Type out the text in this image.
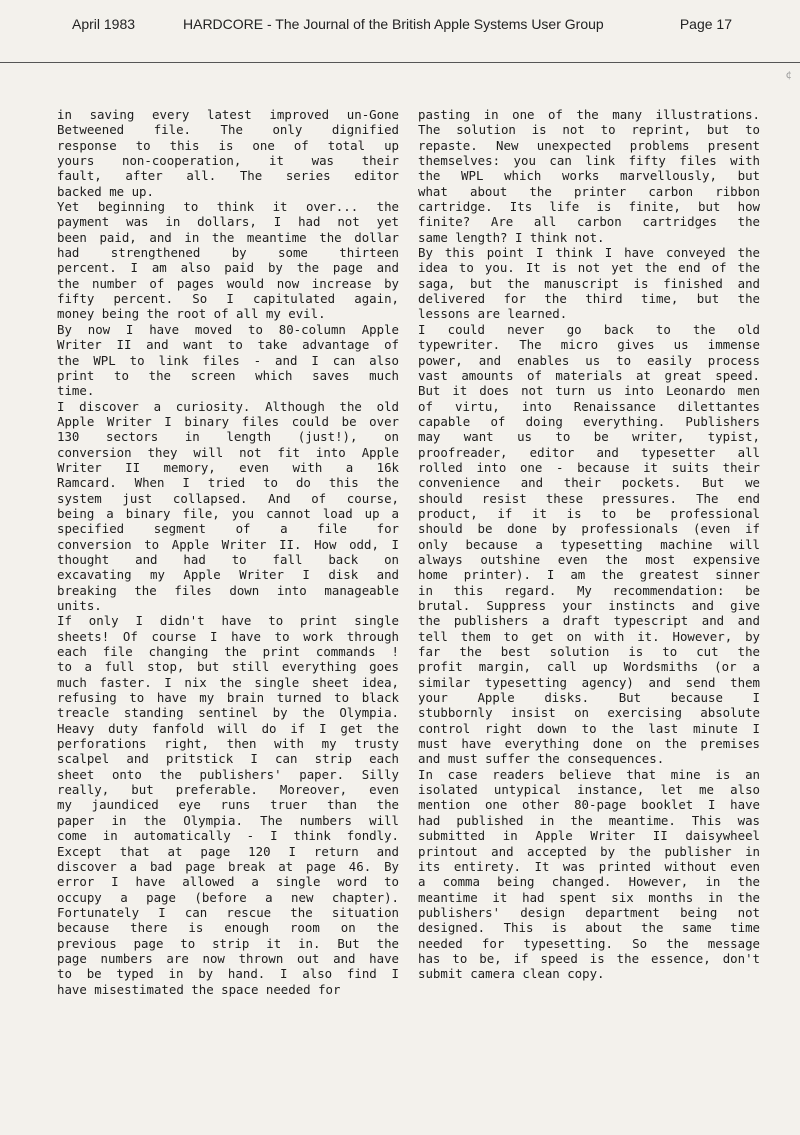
April 1983	HARDCORE - The Journal of the British Apple Systems User Group	Page 17
¢
in saving every latest improved un-Gone
Betweened file. The only dignified
response to this is one of total up
yours non-cooperation, it was their
fault, after all. The series editor
backed me up.
Yet beginning to think it over... the
payment was in dollars, I had not yet
been paid, and in the meantime the dollar
had strengthened by some thirteen
percent. I am also paid by the page and
the number of pages would now increase by
fifty percent. So I capitulated again,
money being the root of all my evil.
By now I have moved to 80-column Apple
Writer II and want to take advantage of
the WPL to link files - and I can also
print to the screen which saves much
time.
I discover a curiosity. Although the old
Apple Writer I binary files could be over
130 sectors in length (just!), on
conversion they will not fit into Apple
Writer II memory, even with a 16k
Ramcard. When I tried to do this the
system just collapsed. And of course,
being a binary file, you cannot load up a
specified segment of a file for
conversion to Apple Writer II. How odd, I
thought and had to fall back on
excavating my Apple Writer I disk and
breaking the files down into manageable
units.
If only I didn't have to print single
sheets! Of course I have to work through
each file changing the print commands !
to a full stop, but still everything goes
much faster. I nix the single sheet idea,
refusing to have my brain turned to black
treacle standing sentinel by the Olympia.
Heavy duty fanfold will do if I get the
perforations right, then with my trusty
scalpel and pritstick I can strip each
sheet onto the publishers' paper. Silly
really, but preferable. Moreover, even
my jaundiced eye runs truer than the
paper in the Olympia. The numbers will
come in automatically - I think fondly.
Except that at page 120 I return and
discover a bad page break at page 46. By
error I have allowed a single word to
occupy a page (before a new chapter).
Fortunately I can rescue the situation
because there is enough room on the
previous page to strip it in. But the
page numbers are now thrown out and have
to be typed in by hand. I also find I
have misestimated the space needed for
pasting in one of the many illustrations.
The solution is not to reprint, but to
repaste. New unexpected problems present
themselves: you can link fifty files with
the WPL which works marvellously, but
what about the printer carbon ribbon
cartridge. Its life is finite, but how
finite? Are all carbon cartridges the
same length? I think not.
By this point I think I have conveyed the
idea to you. It is not yet the end of the
saga, but the manuscript is finished and
delivered for the third time, but the
lessons are learned.
I could never go back to the old
typewriter. The micro gives us immense
power, and enables us to easily process
vast amounts of materials at great speed.
But it does not turn us into Leonardo men
of virtu, into Renaissance dilettantes
capable of doing everything. Publishers
may want us to be writer, typist,
proofreader, editor and typesetter all
rolled into one - because it suits their
convenience and their pockets. But we
should resist these pressures. The end
product, if it is to be professional
should be done by professionals (even if
only because a typesetting machine will
always outshine even the most expensive
home printer). I am the greatest sinner
in this regard. My recommendation: be
brutal. Suppress your instincts and give
the publishers a draft typescript and and
tell them to get on with it. However, by
far the best solution is to cut the
profit margin, call up Wordsmiths (or a
similar typesetting agency) and send them
your Apple disks. But because I
stubbornly insist on exercising absolute
control right down to the last minute I
must have everything done on the premises
and must suffer the consequences.
In case readers believe that mine is an
isolated untypical instance, let me also
mention one other 80-page booklet I have
had published in the meantime. This was
submitted in Apple Writer II daisywheel
printout and accepted by the publisher in
its entirety. It was printed without even
a comma being changed. However, in the
meantime it had spent six months in the
publishers' design department being not
designed. This is about the same time
needed for typesetting. So the message
has to be, if speed is the essence, don't
submit camera clean copy.
